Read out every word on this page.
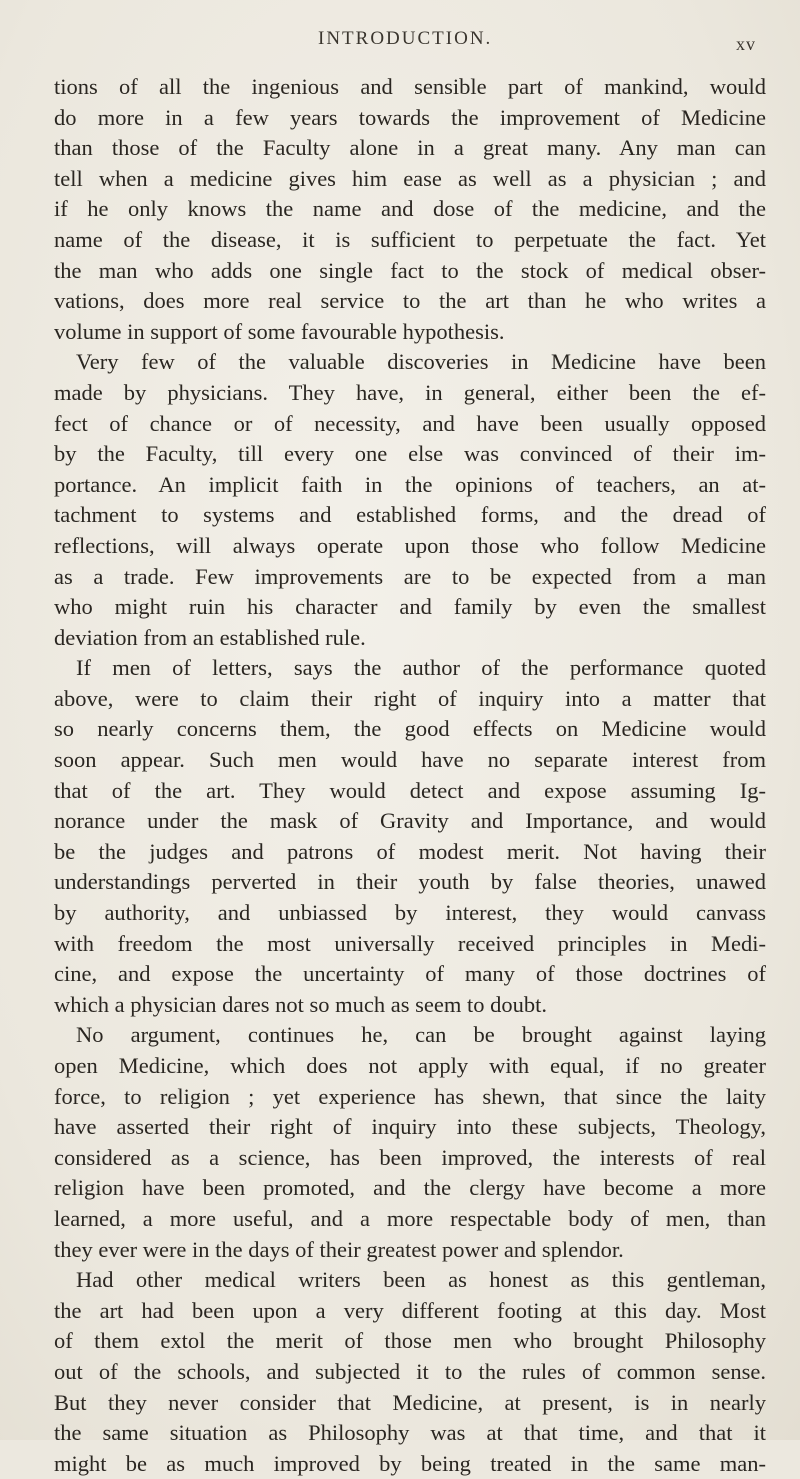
INTRODUCTION.	xv
tions of all the ingenious and sensible part of mankind, would
do more in a few years towards the improvement of Medicine
than those of the Faculty alone in a great many. Any man can
tell when a medicine gives him ease as well as a physician ; and
if he only knows the name and dose of the medicine, and the
name of the disease, it is sufficient to perpetuate the fact. Yet
the man who adds one single fact to the stock of medical obser-
vations, does more real service to the art than he who writes a
volume in support of some favourable hypothesis.
Very few of the valuable discoveries in Medicine have been
made by physicians. They have, in general, either been the ef-
fect of chance or of necessity, and have been usually opposed
by the Faculty, till every one else was convinced of their im-
portance. An implicit faith in the opinions of teachers, an at-
tachment to systems and established forms, and the dread of
reflections, will always operate upon those who follow Medicine
as a trade. Few improvements are to be expected from a man
who might ruin his character and family by even the smallest
deviation from an established rule.
If men of letters, says the author of the performance quoted
above, were to claim their right of inquiry into a matter that
so nearly concerns them, the good effects on Medicine would
soon appear. Such men would have no separate interest from
that of the art. They would detect and expose assuming Ig-
norance under the mask of Gravity and Importance, and would
be the judges and patrons of modest merit. Not having their
understandings perverted in their youth by false theories, unawed
by authority, and unbiassed by interest, they would canvass
with freedom the most universally received principles in Medi-
cine, and expose the uncertainty of many of those doctrines of
which a physician dares not so much as seem to doubt.
No argument, continues he, can be brought against laying
open Medicine, which does not apply with equal, if no greater
force, to religion ; yet experience has shewn, that since the laity
have asserted their right of inquiry into these subjects, Theology,
considered as a science, has been improved, the interests of real
religion have been promoted, and the clergy have become a more
learned, a more useful, and a more respectable body of men, than
they ever were in the days of their greatest power and splendor.
Had other medical writers been as honest as this gentleman,
the art had been upon a very different footing at this day. Most
of them extol the merit of those men who brought Philosophy
out of the schools, and subjected it to the rules of common sense.
But they never consider that Medicine, at present, is in nearly
the same situation as Philosophy was at that time, and that it
might be as much improved by being treated in the same man-
